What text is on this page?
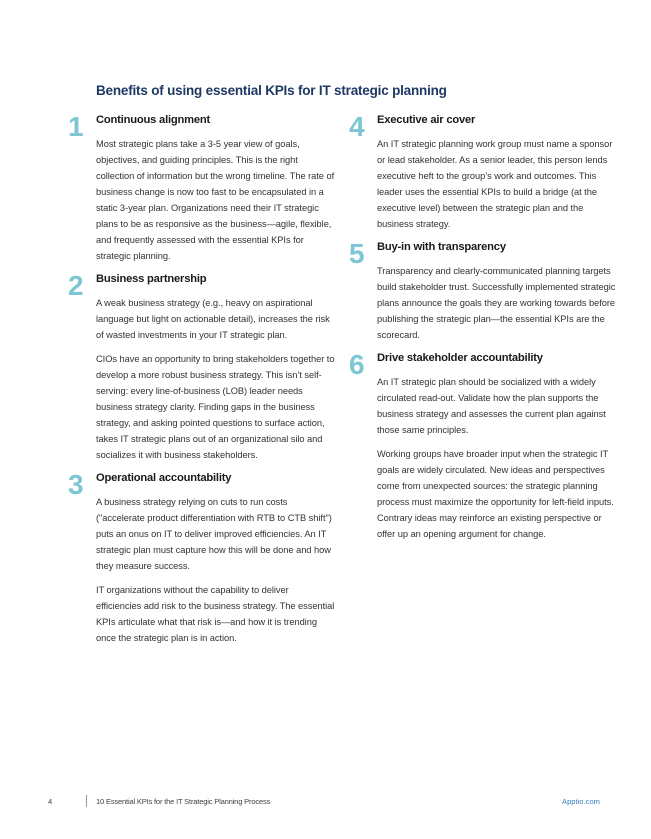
Benefits of using essential KPIs for IT strategic planning
1 Continuous alignment

Most strategic plans take a 3-5 year view of goals, objectives, and guiding principles. This is the right collection of information but the wrong timeline. The rate of business change is now too fast to be encapsulated in a static 3-year plan. Organizations need their IT strategic plans to be as responsive as the business—agile, flexible, and frequently assessed with the essential KPIs for strategic planning.

2 Business partnership

A weak business strategy (e.g., heavy on aspirational language but light on actionable detail), increases the risk of wasted investments in your IT strategic plan.

CIOs have an opportunity to bring stakeholders together to develop a more robust business strategy. This isn’t self-serving: every line-of-business (LOB) leader needs business strategy clarity. Finding gaps in the business strategy, and asking pointed questions to surface action, takes IT strategic plans out of an organizational silo and socializes it with business stakeholders.

3 Operational accountability

A business strategy relying on cuts to run costs ("accelerate product differentiation with RTB to CTB shift") puts an onus on IT to deliver improved efficiencies. An IT strategic plan must capture how this will be done and how they measure success.

IT organizations without the capability to deliver efficiencies add risk to the business strategy. The essential KPIs articulate what that risk is—and how it is trending once the strategic plan is in action.

4 Executive air cover

An IT strategic planning work group must name a sponsor or lead stakeholder. As a senior leader, this person lends executive heft to the group’s work and outcomes. This leader uses the essential KPIs to build a bridge (at the executive level) between the strategic plan and the business strategy.

5 Buy-in with transparency

Transparency and clearly-communicated planning targets build stakeholder trust. Successfully implemented strategic plans announce the goals they are working towards before publishing the strategic plan—the essential KPIs are the scorecard.

6 Drive stakeholder accountability

An IT strategic plan should be socialized with a widely circulated read-out. Validate how the plan supports the business strategy and assesses the current plan against those same principles.

Working groups have broader input when the strategic IT goals are widely circulated. New ideas and perspectives come from unexpected sources: the strategic planning process must maximize the opportunity for left-field inputs. Contrary ideas may reinforce an existing perspective or offer up an opening argument for change.

4	10 Essential KPIs for the IT Strategic Planning Process	Apptio.com
